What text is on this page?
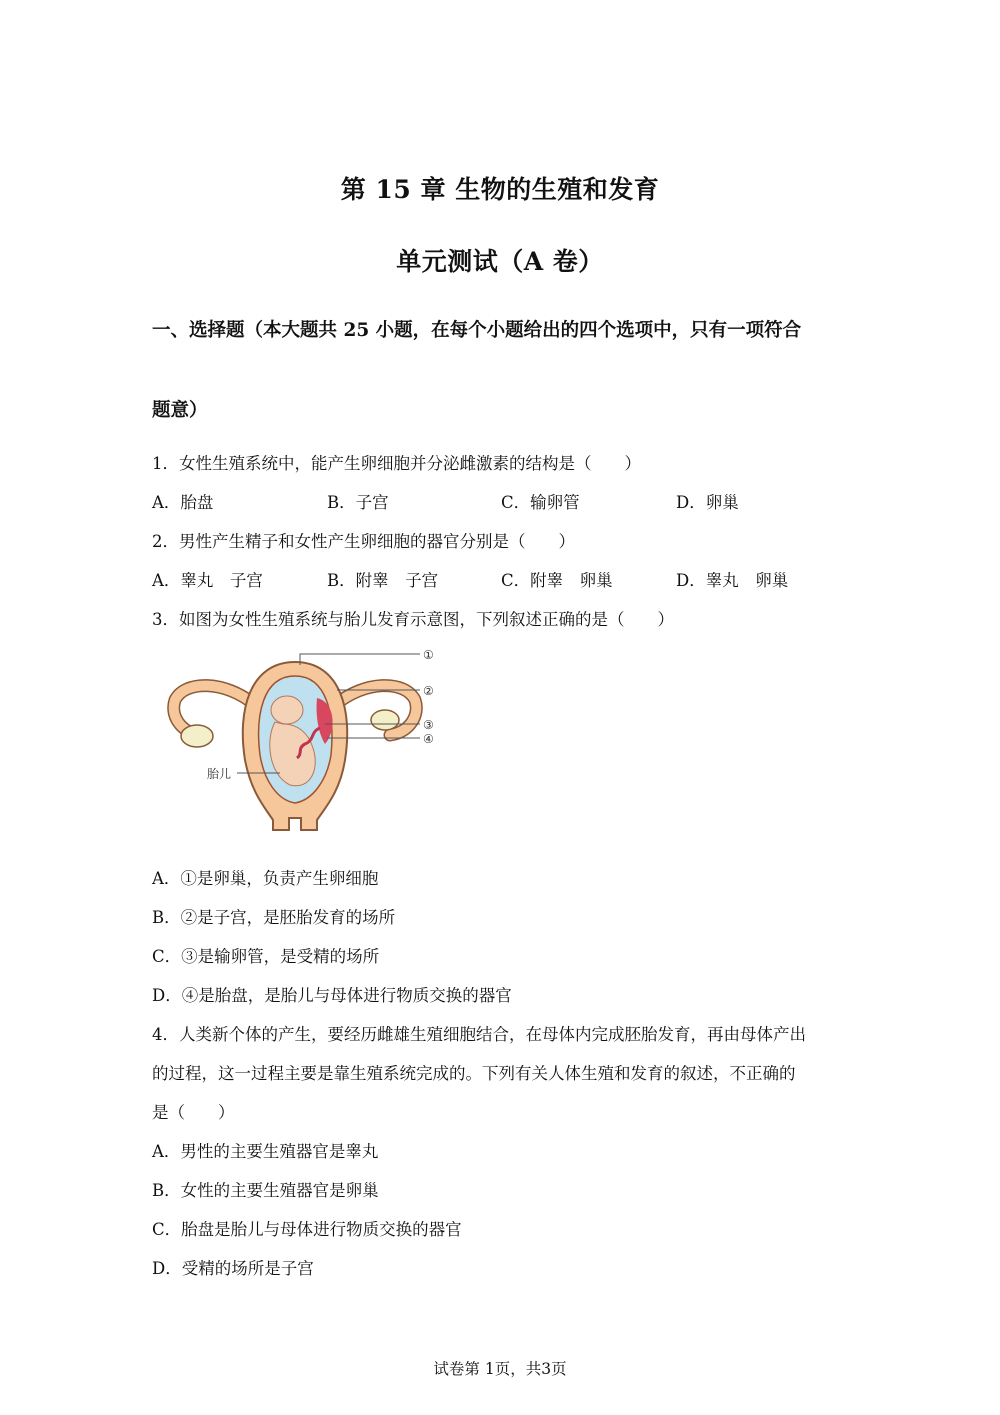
第 15 章 生物的生殖和发育
单元测试（A 卷）
一、选择题（本大题共 25 小题，在每个小题给出的四个选项中，只有一项符合
题意）
1．女性生殖系统中，能产生卵细胞并分泌雌激素的结构是（　　）
A．胎盘	B．子宫	C．输卵管	D．卵巢
2．男性产生精子和女性产生卵细胞的器官分别是（　　）
A．睾丸　子宫	B．附睾　子宫	C．附睾　卵巢	D．睾丸　卵巢
3．如图为女性生殖系统与胎儿发育示意图，下列叙述正确的是（　　）
①
②
③
④
胎儿
A．①是卵巢，负责产生卵细胞
B．②是子宫，是胚胎发育的场所
C．③是输卵管，是受精的场所
D．④是胎盘，是胎儿与母体进行物质交换的器官
4．人类新个体的产生，要经历雌雄生殖细胞结合，在母体内完成胚胎发育，再由母体产出
的过程，这一过程主要是靠生殖系统完成的。下列有关人体生殖和发育的叙述，不正确的
是（　　）
A．男性的主要生殖器官是睾丸
B．女性的主要生殖器官是卵巢
C．胎盘是胎儿与母体进行物质交换的器官
D．受精的场所是子宫
试卷第 1页，共3页
